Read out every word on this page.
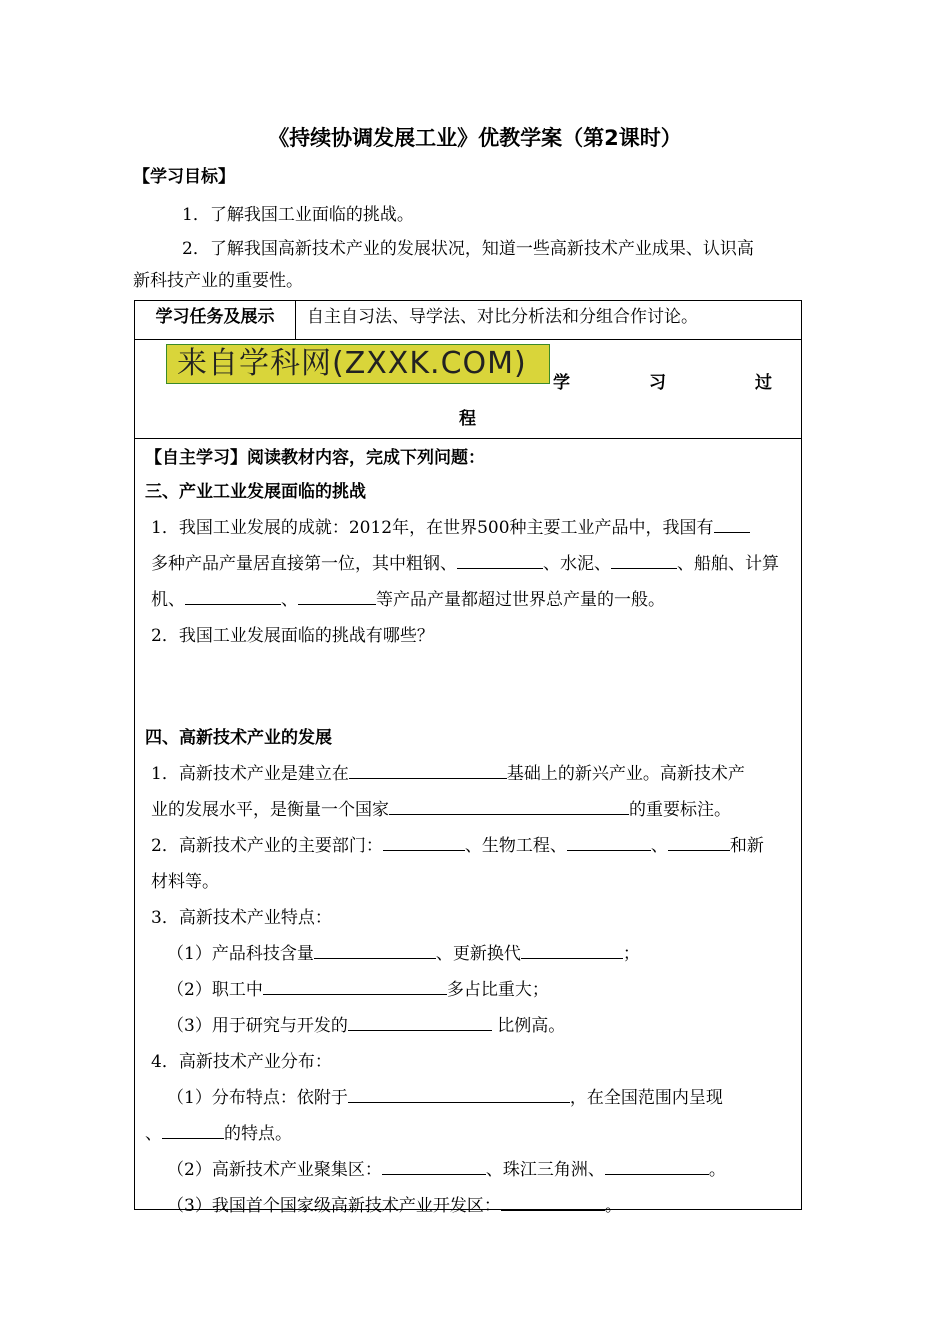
《持续协调发展工业》优教学案（第2课时）
【学习目标】
1．了解我国工业面临的挑战。
2．了解我国高新技术产业的发展状况，知道一些高新技术产业成果、认识高
新科技产业的重要性。
学习任务及展示	自主自习法、导学法、对比分析法和分组合作讨论。
来自学科网(ZXXK.COM)
学	习	过
程
【自主学习】阅读教材内容，完成下列问题：
三、产业工业发展面临的挑战
1．我国工业发展的成就：2012年，在世界500种主要工业产品中，我国有
多种产品产量居直接第一位，其中粗钢、	、水泥、	、船舶、计算
机、	、	等产品产量都超过世界总产量的一般。
2．我国工业发展面临的挑战有哪些？
四、高新技术产业的发展
1．高新技术产业是建立在	基础上的新兴产业。高新技术产
业的发展水平，是衡量一个国家	的重要标注。
2．高新技术产业的主要部门：	、生物工程、	、	和新
材料等。
3．高新技术产业特点：
（1）产品科技含量	、更新换代	；
（2）职工中	多占比重大；
（3）用于研究与开发的	比例高。
4．高新技术产业分布：
（1）分布特点：依附于	，在全国范围内呈现
、	的特点。
（2）高新技术产业聚集区：	、珠江三角洲、	。
（3）我国首个国家级高新技术产业开发区：	。
